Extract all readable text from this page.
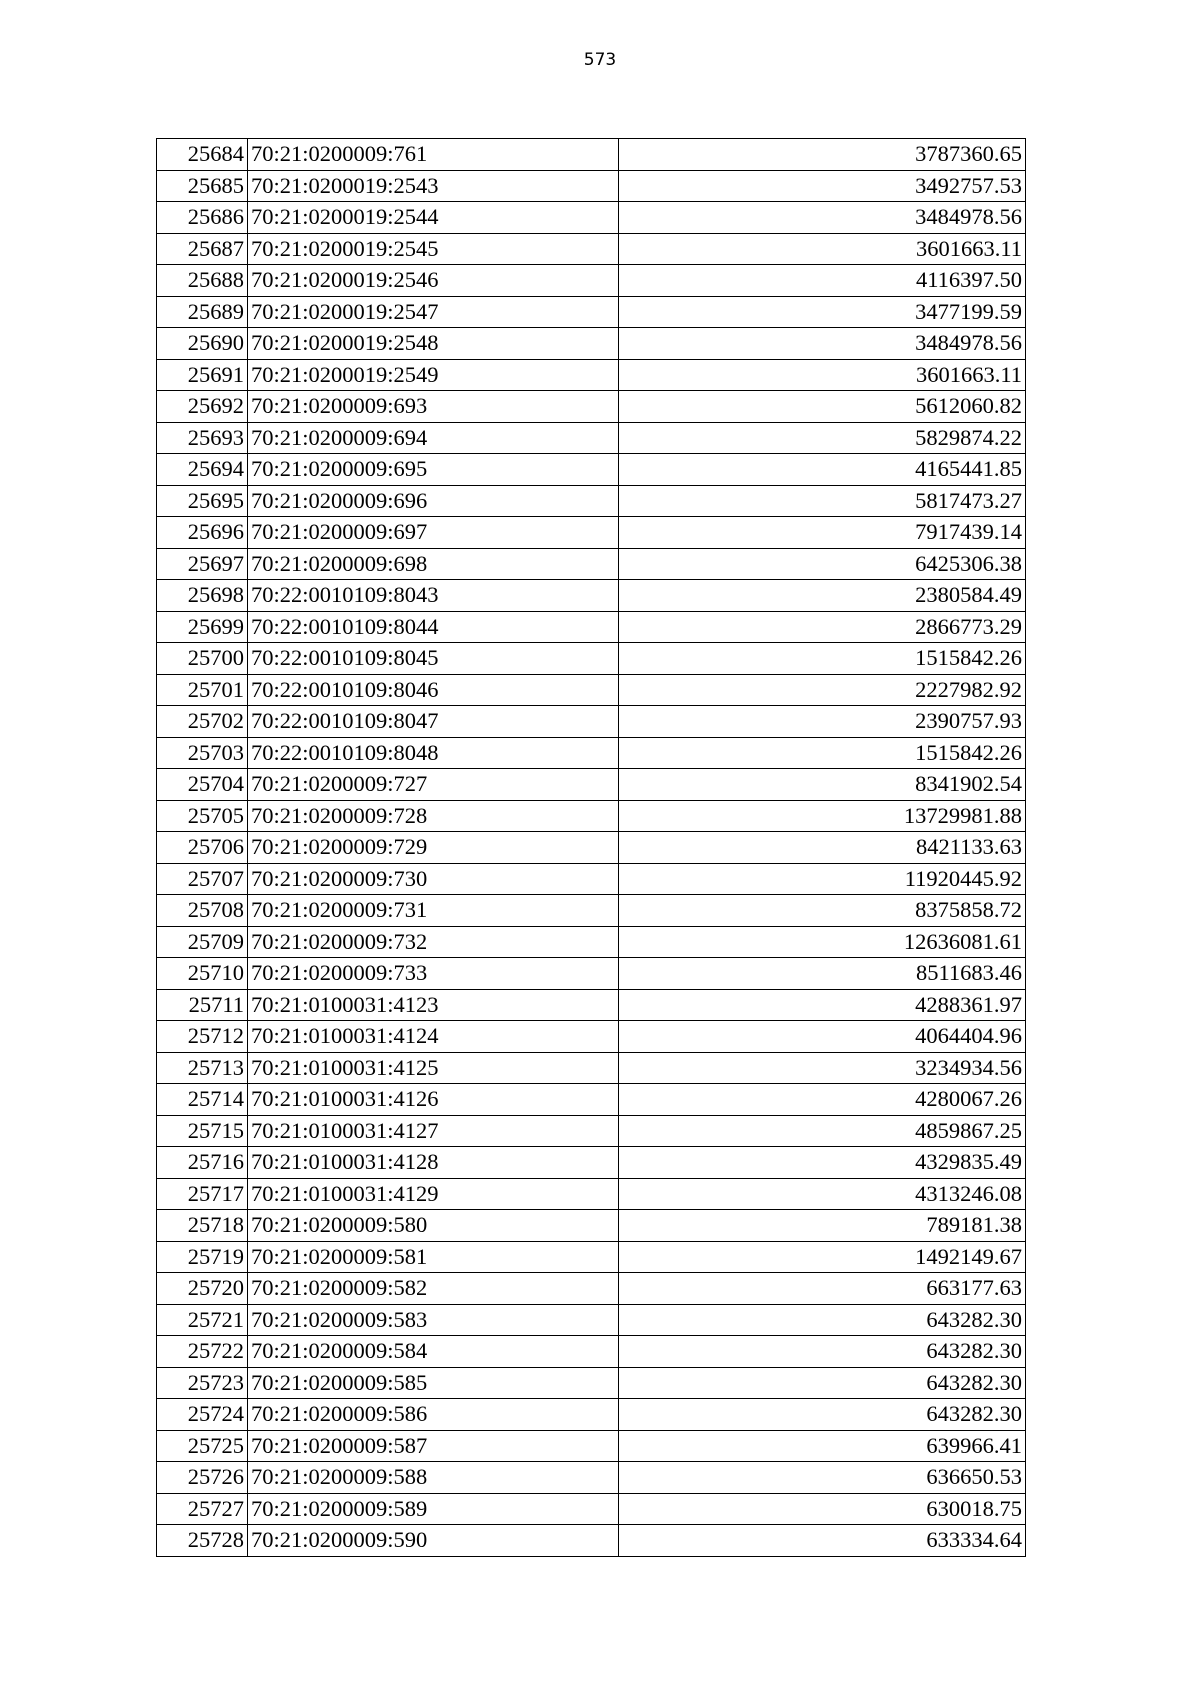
573
25684	70:21:0200009:761	3787360.65
25685	70:21:0200019:2543	3492757.53
25686	70:21:0200019:2544	3484978.56
25687	70:21:0200019:2545	3601663.11
25688	70:21:0200019:2546	4116397.50
25689	70:21:0200019:2547	3477199.59
25690	70:21:0200019:2548	3484978.56
25691	70:21:0200019:2549	3601663.11
25692	70:21:0200009:693	5612060.82
25693	70:21:0200009:694	5829874.22
25694	70:21:0200009:695	4165441.85
25695	70:21:0200009:696	5817473.27
25696	70:21:0200009:697	7917439.14
25697	70:21:0200009:698	6425306.38
25698	70:22:0010109:8043	2380584.49
25699	70:22:0010109:8044	2866773.29
25700	70:22:0010109:8045	1515842.26
25701	70:22:0010109:8046	2227982.92
25702	70:22:0010109:8047	2390757.93
25703	70:22:0010109:8048	1515842.26
25704	70:21:0200009:727	8341902.54
25705	70:21:0200009:728	13729981.88
25706	70:21:0200009:729	8421133.63
25707	70:21:0200009:730	11920445.92
25708	70:21:0200009:731	8375858.72
25709	70:21:0200009:732	12636081.61
25710	70:21:0200009:733	8511683.46
25711	70:21:0100031:4123	4288361.97
25712	70:21:0100031:4124	4064404.96
25713	70:21:0100031:4125	3234934.56
25714	70:21:0100031:4126	4280067.26
25715	70:21:0100031:4127	4859867.25
25716	70:21:0100031:4128	4329835.49
25717	70:21:0100031:4129	4313246.08
25718	70:21:0200009:580	789181.38
25719	70:21:0200009:581	1492149.67
25720	70:21:0200009:582	663177.63
25721	70:21:0200009:583	643282.30
25722	70:21:0200009:584	643282.30
25723	70:21:0200009:585	643282.30
25724	70:21:0200009:586	643282.30
25725	70:21:0200009:587	639966.41
25726	70:21:0200009:588	636650.53
25727	70:21:0200009:589	630018.75
25728	70:21:0200009:590	633334.64
